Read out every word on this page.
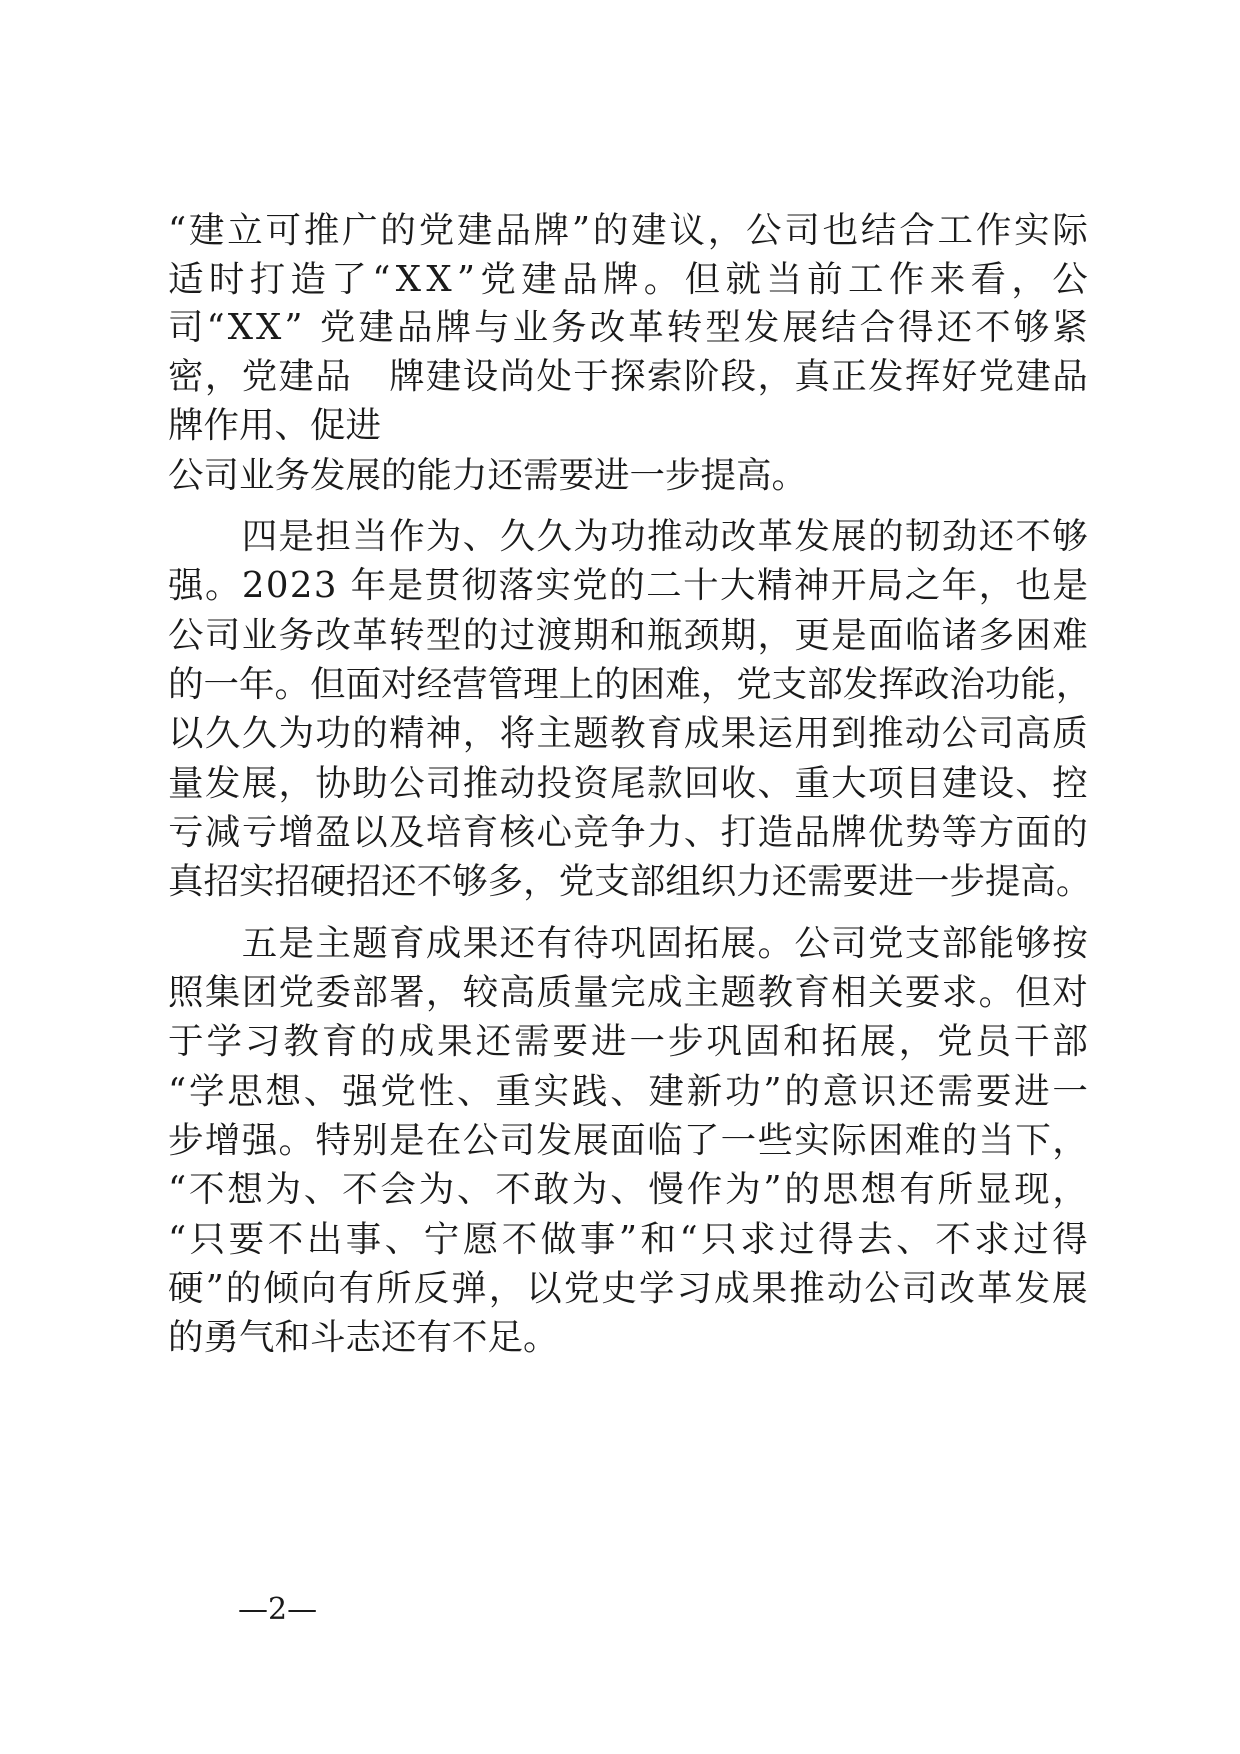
“ 建 立 可 推 广 的 党 建 品 牌 ” 的 建 议 ， 公 司 也 结 合 工 作 实 际
适 时 打 造 了 “ X X ” 党 建 品 牌 。 但 就 当 前 工 作 来 看 ， 公
司 “ X X ”
党 建 品 牌 与 业 务 改 革 转 型 发 展 结 合 得 还 不 够 紧
密 ， 党 建 品
　 牌 建 设 尚 处 于 探 索 阶 段 ， 真 正 发 挥 好 党 建 品
牌作用、促进
公司业务发展的能力还需要进一步提高。

四 是 担 当 作 为 、 久 久 为 功 推 动 改 革 发 展 的 韧 劲 还 不 够
强 。 2 0 2 3
年 是 贯 彻 落 实 党 的 二 十 大 精 神 开 局 之 年 ， 也 是
公 司 业 务 改 革 转 型 的 过 渡 期 和 瓶 颈 期 ， 更 是 面 临 诸 多 困 难
的 一 年 。 但 面 对 经 营 管 理 上 的 困 难 ， 党 支 部 发 挥 政 治 功 能 ，
以 久 久 为 功 的 精 神 ， 将 主 题 教 育 成 果 运 用 到 推 动 公 司 高 质
量 发 展 ， 协 助 公 司 推 动 投 资 尾 款 回 收 、 重 大 项 目 建 设 、 控
亏 减 亏 增 盈 以 及 培 育 核 心 竞 争 力 、 打 造 品 牌 优 势 等 方 面 的
真 招 实 招 硬 招 还 不 够 多 ， 党 支 部 组 织 力 还 需 要 进 一 步 提 高 。

五 是 主 题 育 成 果 还 有 待 巩 固 拓 展 。 公 司 党 支 部 能 够 按
照 集 团 党 委 部 署 ， 较 高 质 量 完 成 主 题 教 育 相 关 要 求 。 但 对
于 学 习 教 育 的 成 果 还 需 要 进 一 步 巩 固 和 拓 展 ， 党 员 干 部
“ 学 思 想 、 强 党 性 、 重 实 践 、 建 新 功 ” 的 意 识 还 需 要 进 一
步 增 强 。 特 别 是 在 公 司 发 展 面 临 了 一 些 实 际 困 难 的 当 下 ，
“ 不 想 为 、 不 会 为 、 不 敢 为 、 慢 作 为 ” 的 思 想 有 所 显 现 ，
“ 只 要 不 出 事 、 宁 愿 不 做 事 ” 和 “ 只 求 过 得 去 、 不 求 过 得
硬 ” 的 倾 向 有 所 反 弹 ， 以 党 史 学 习 成 果 推 动 公 司 改 革 发 展
的勇气和斗志还有不足。
—2—
